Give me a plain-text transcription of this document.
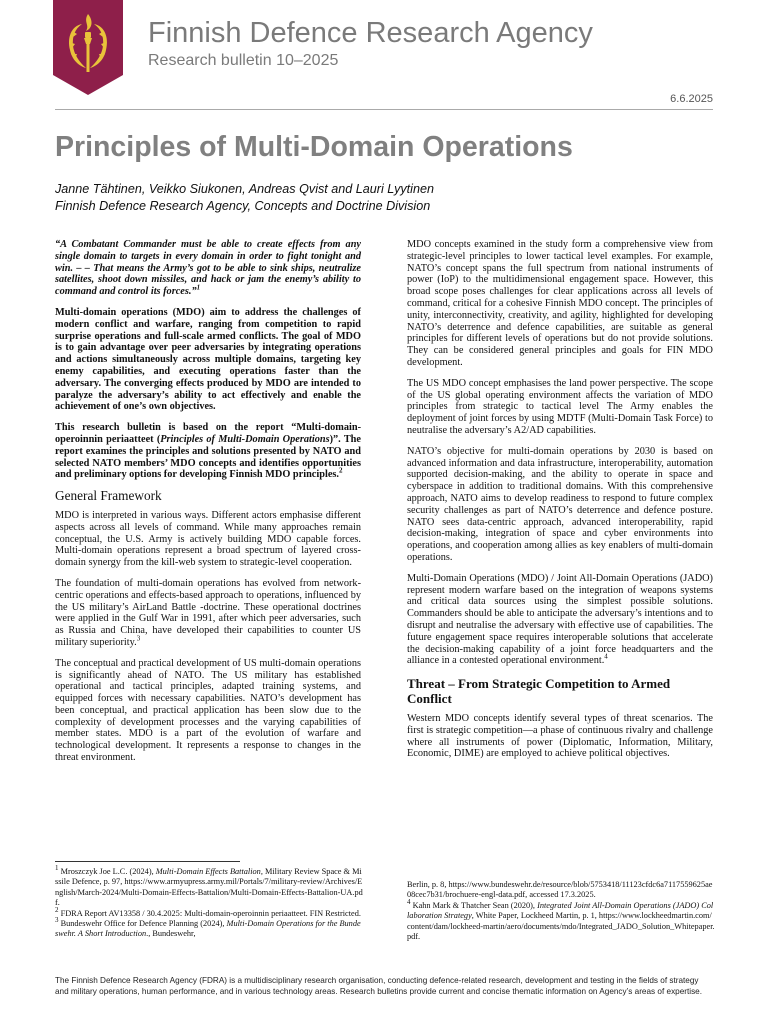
Finnish Defence Research Agency
Research bulletin 10–2025
6.6.2025
Principles of Multi-Domain Operations
Janne Tähtinen, Veikko Siukonen, Andreas Qvist and Lauri Lyytinen
Finnish Defence Research Agency, Concepts and Doctrine Division

“A Combatant Commander must be able to create effects from any single domain to targets in every domain in order to fight tonight and win. – – That means the Army’s got to be able to sink ships, neutralize satellites, shoot down missiles, and hack or jam the enemy’s ability to command and control its forces.”$^1$

Multi-domain operations (MDO) aim to address the challenges of modern conflict and warfare, ranging from competition to rapid surprise operations and full-scale armed conflicts. The goal of MDO is to gain advantage over peer adversaries by integrating operations and actions simultaneously across multiple domains, targeting key enemy capabilities, and executing operations faster than the adversary. The converging effects produced by MDO are intended to paralyze the adversary’s ability to act effectively and enable the achievement of one’s own objectives.

This research bulletin is based on the report “Multi-domain-operoinnin periaatteet (Principles of Multi-Domain Operations)”. The report examines the principles and solutions presented by NATO and selected NATO members’ MDO concepts and identifies opportunities and preliminary options for developing Finnish MDO principles.$^2$

General Framework

MDO is interpreted in various ways. Different actors emphasise different aspects across all levels of command. While many approaches remain conceptual, the U.S. Army is actively building MDO capable forces. Multi-domain operations represent a broad spectrum of layered cross-domain synergy from the kill-web system to strategic-level cooperation.

The foundation of multi-domain operations has evolved from network-centric operations and effects-based approach to operations, influenced by the US military’s AirLand Battle -doctrine. These operational doctrines were applied in the Gulf War in 1991, after which peer adversaries, such as Russia and China, have developed their capabilities to counter US military superiority.$^3$

The conceptual and practical development of US multi-domain operations is significantly ahead of NATO. The US military has established operational and tactical principles, adapted training systems, and equipped forces with necessary capabilities. NATO’s development has been conceptual, and practical application has been slow due to the complexity of development processes and the varying capabilities of member states. MDO is a part of the evolution of warfare and technological development. It represents a response to changes in the threat environment.

MDO concepts examined in the study form a comprehensive view from strategic-level principles to lower tactical level examples. For example, NATO’s concept spans the full spectrum from national instruments of power (IoP) to the multidimensional engagement space. However, this broad scope poses challenges for clear applications across all levels of command, critical for a cohesive Finnish MDO concept. The principles of unity, interconnectivity, creativity, and agility, highlighted for developing NATO’s deterrence and defence capabilities, are suitable as general principles for different levels of operations but do not provide solutions. They can be considered general principles and goals for FIN MDO development.

The US MDO concept emphasises the land power perspective. The scope of the US global operating environment affects the variation of MDO principles from strategic to tactical level The Army enables the deployment of joint forces by using MDTF (Multi-Domain Task Force) to neutralise the adversary’s A2/AD capabilities.

NATO’s objective for multi-domain operations by 2030 is based on advanced information and data infrastructure, interoperability, automation supported decision-making, and the ability to operate in space and cyberspace in addition to traditional domains. With this comprehensive approach, NATO aims to develop readiness to respond to future complex security challenges as part of NATO’s deterrence and defence posture. NATO sees data-centric approach, advanced interoperability, rapid decision-making, integration of space and cyber environments into operations, and cooperation among allies as key enablers of multi-domain operations.

Multi-Domain Operations (MDO) / Joint All-Domain Operations (JADO) represent modern warfare based on the integration of weapons systems and critical data sources using the simplest possible solutions. Commanders should be able to anticipate the adversary’s intentions and to disrupt and neutralise the adversary with effective use of capabilities. The future engagement space requires interoperable solutions that accelerate the decision-making capability of a joint force headquarters and the alliance in a contested operational environment.$^4$

Threat – From Strategic Competition to Armed Conflict

Western MDO concepts identify several types of threat scenarios. The first is strategic competition—a phase of continuous rivalry and challenge where all instruments of power (Diplomatic, Information, Military, Economic, DIME) are employed to achieve political objectives.

$^1$ Mroszczyk Joe L.C. (2024), Multi-Domain Effects Battalion, Military Review Space & Missile Defence, p. 97, https://www.armyupress.army.mil/Portals/7/military-review/Archives/English/March-2024/Multi-Domain-Effects-Battalion/Multi-Domain-Effects-Battalion-UA.pdf.
$^2$ FDRA Report AV13358 / 30.4.2025: Multi-domain-operoinnin periaatteet. FIN Restricted.
$^3$ Bundeswehr Office for Defence Planning (2024), Multi-Domain Operations for the Bundeswehr. A Short Introduction., Bundeswehr,
Berlin, p. 8, https://www.bundeswehr.de/resource/blob/5753418/11123cfdc6a7117559625ae08cec7b31/brochuere-engl-data.pdf, accessed 17.3.2025.
$^4$ Kahn Mark & Thatcher Sean (2020), Integrated Joint All-Domain Operations (JADO) Collaboration Strategy, White Paper, Lockheed Martin, p. 1, https://www.lockheedmartin.com/content/dam/lockheed-martin/aero/documents/mdo/Integrated_JADO_Solution_Whitepaper.pdf.
The Finnish Defence Research Agency (FDRA) is a multidisciplinary research organisation, conducting defence-related research, development and testing in the fields of strategy and military operations, human performance, and in various technology areas. Research bulletins provide current and concise thematic information on Agency’s areas of expertise.
